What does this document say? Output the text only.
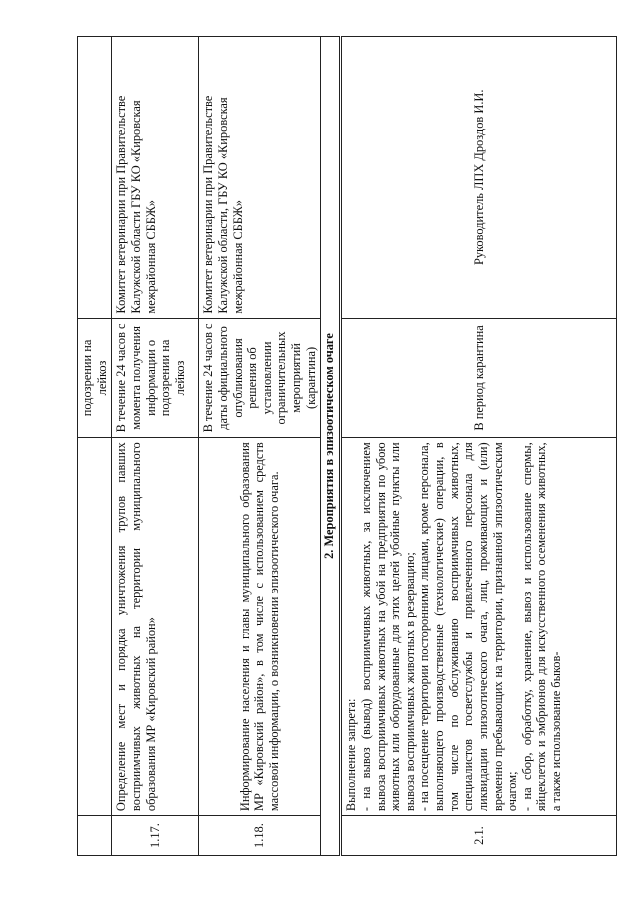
		подозрении на лейкоз	
1.17.	Определение мест и порядка уничтожения трупов павших восприимчивых животных на территории муниципального образования МР «Кировский район»	В течение 24 часов с момента получения информации о подозрении на лейкоз	Комитет ветеринарии при Правительстве Калужской области ГБУ КО «Кировская межрайонная СББЖ»
1.18.	Информирование населения и главы муниципального образования МР «Кировский район», в том числе с использованием средств массовой информации, о возникновении эпизоотического очага.	В течение 24 часов с даты официального опубликования решения об установлении ограничительных мероприятий (карантина)	Комитет ветеринарии при Правительстве Калужской области, ГБУ КО «Кировская межрайонная СББЖ»
2. Мероприятия в эпизоотическом очаге			
2.1.	Выполнение запрета: - на вывоз (вывод) восприимчивых животных, за исключением вывоза восприимчивых животных на убой на предприятия по убою животных или оборудованные для этих целей убойные пункты или вывоза восприимчивых животных в резервацию; - на посещение территории посторонними лицами, кроме персонала, выполняющего производственные (технологические) операции, в том числе по обслуживанию восприимчивых животных, специалистов госветслужбы и привлеченного персонала для ликвидации эпизоотического очага, лиц, проживающих и (или) временно пребывающих на территории, признанной эпизоотическим очагом; - на сбор, обработку, хранение, вывоз и использование спермы, яйцеклеток и эмбрионов для искусственного осеменения животных, а также использование быков-	В период карантина	Руководитель ЛПХ Дроздов И.И.
